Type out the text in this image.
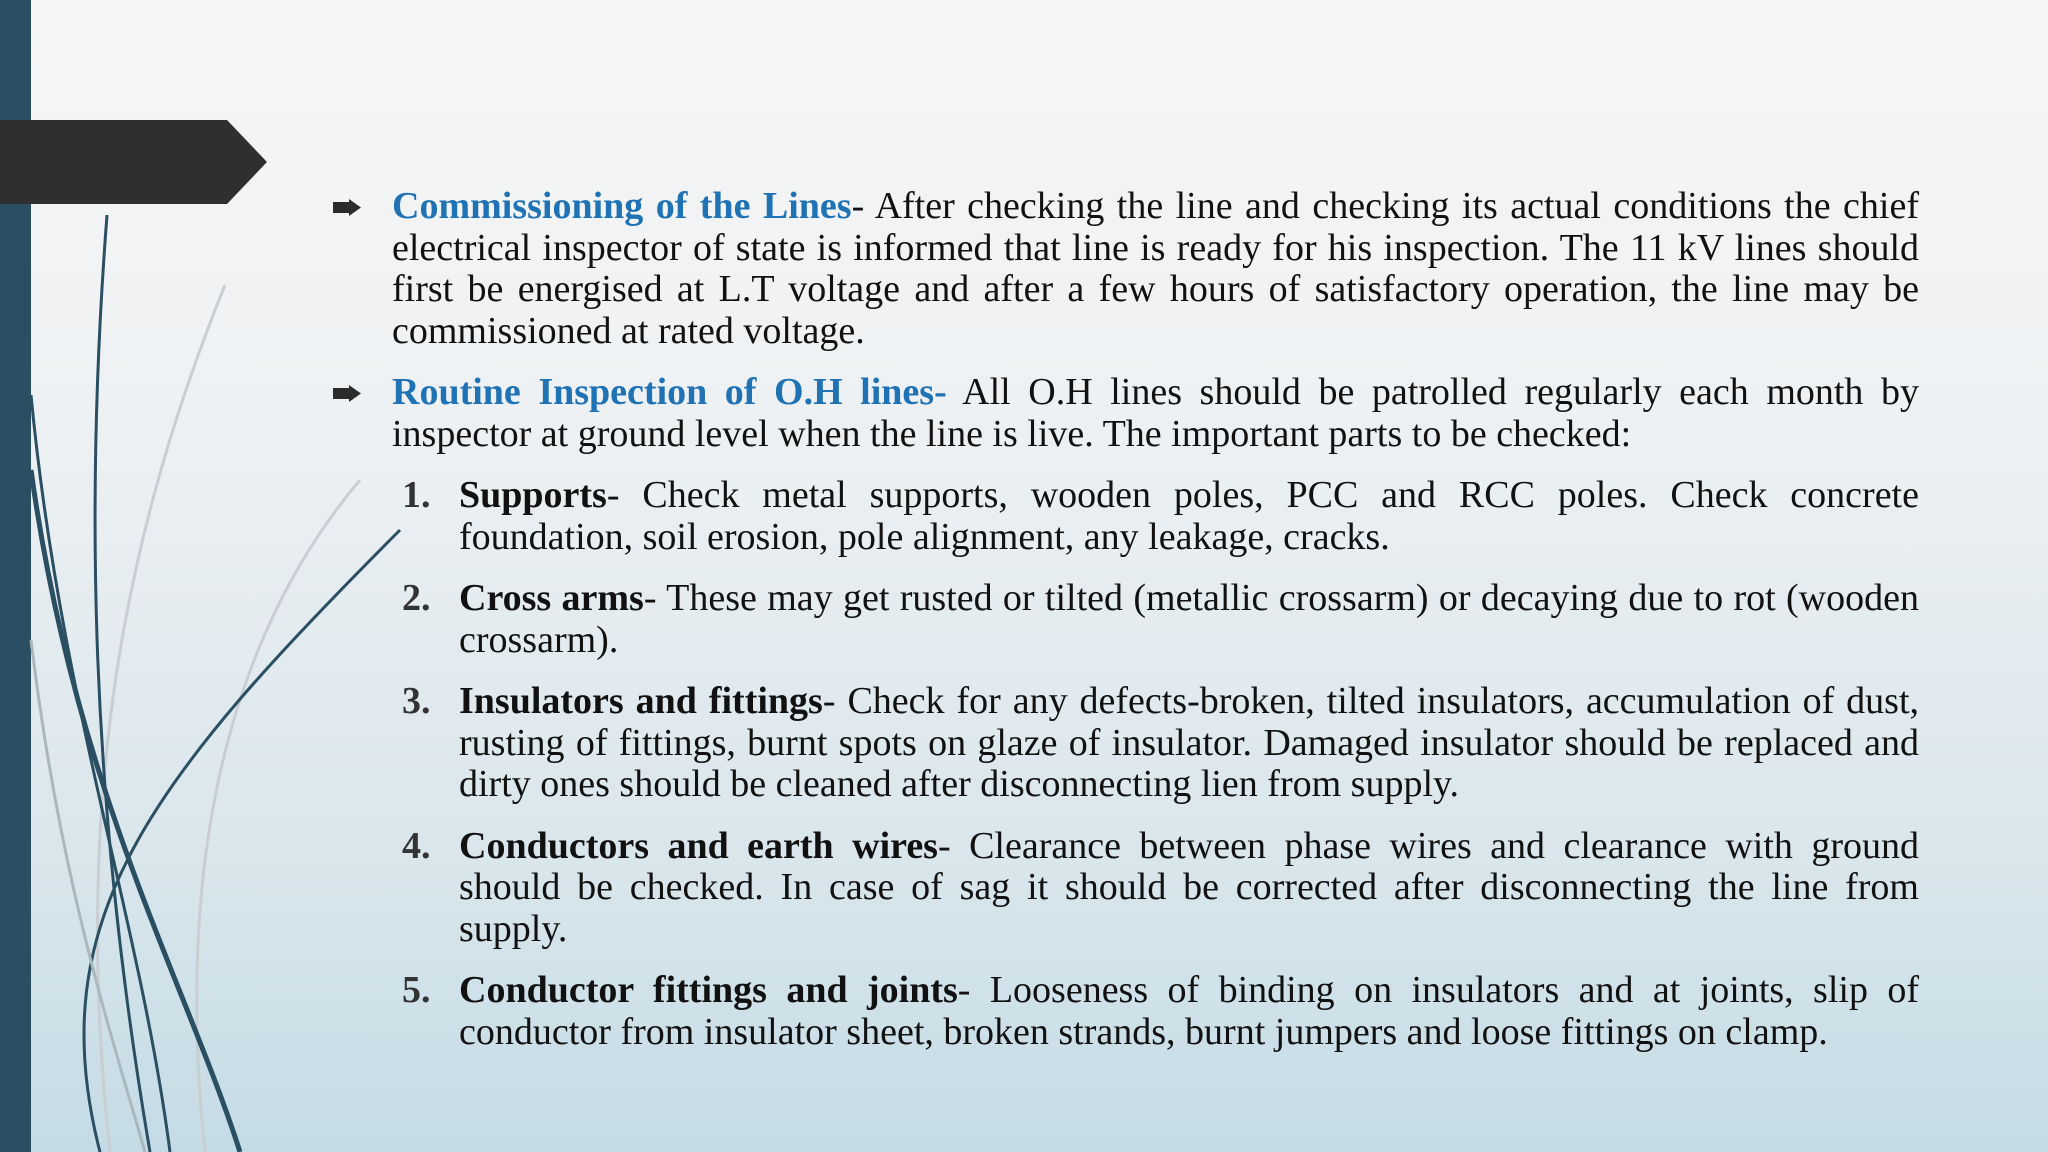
Commissioning of the Lines- After checking the line and checking its actual conditions the chief electrical inspector of state is informed that line is ready for his inspection. The 11 kV lines should first be energised at L.T voltage and after a few hours of satisfactory operation, the line may be commissioned at rated voltage.
Routine Inspection of O.H lines- All O.H lines should be patrolled regularly each month by inspector at ground level when the line is live. The important parts to be checked:
1. Supports- Check metal supports, wooden poles, PCC and RCC poles. Check concrete foundation, soil erosion, pole alignment, any leakage, cracks.
2. Cross arms- These may get rusted or tilted (metallic crossarm) or decaying due to rot (wooden crossarm).
3. Insulators and fittings- Check for any defects-broken, tilted insulators, accumulation of dust, rusting of fittings, burnt spots on glaze of insulator. Damaged insulator should be replaced and dirty ones should be cleaned after disconnecting lien from supply.
4. Conductors and earth wires- Clearance between phase wires and clearance with ground should be checked. In case of sag it should be corrected after disconnecting the line from supply.
5. Conductor fittings and joints- Looseness of binding on insulators and at joints, slip of conductor from insulator sheet, broken strands, burnt jumpers and loose fittings on clamp.
